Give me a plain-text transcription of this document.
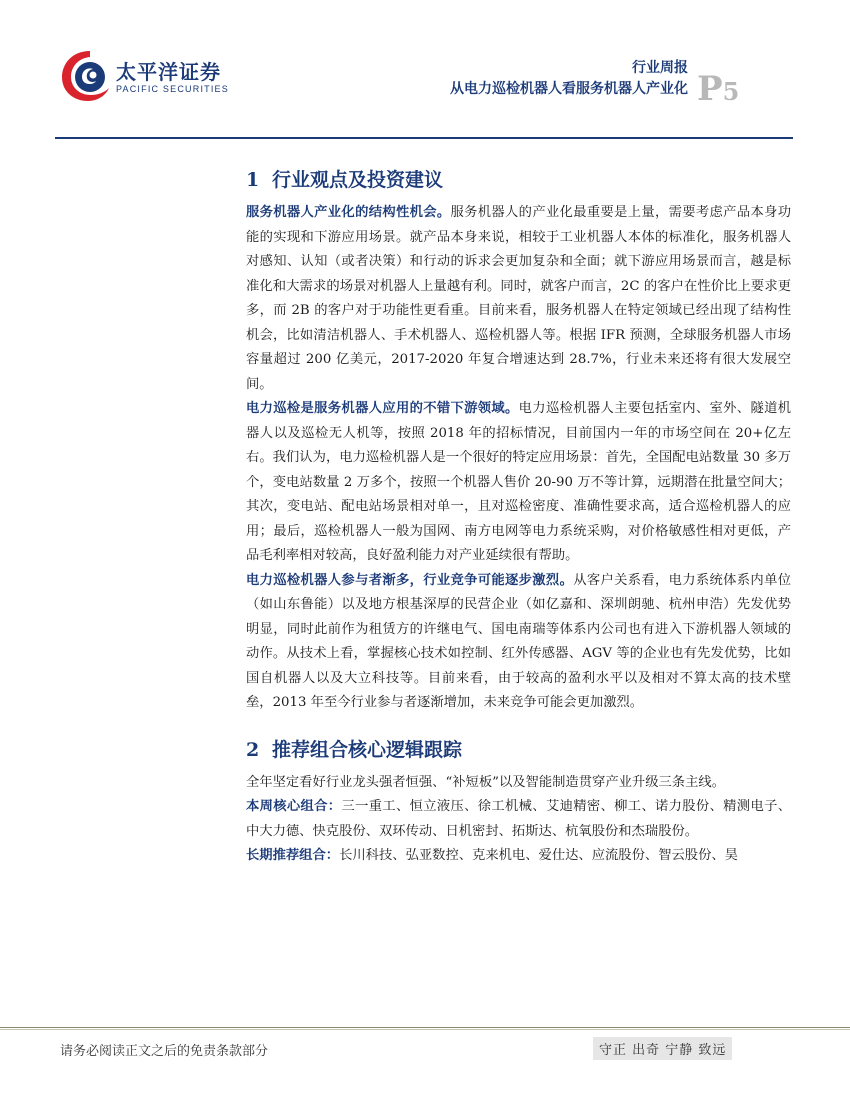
太平洋证券
PACIFIC SECURITIES
行业周报
从电力巡检机器人看服务机器人产业化 P5
1 行业观点及投资建议

服务机器人产业化的结构性机会。服务机器人的产业化最重要是上量，需要考虑产品本身功能的实现和下游应用场景。就产品本身来说，相较于工业机器人本体的标准化，服务机器人对感知、认知（或者决策）和行动的诉求会更加复杂和全面；就下游应用场景而言，越是标准化和大需求的场景对机器人上量越有利。同时，就客户而言，2C 的客户在性价比上要求更多，而 2B 的客户对于功能性更看重。目前来看，服务机器人在特定领域已经出现了结构性机会，比如清洁机器人、手术机器人、巡检机器人等。根据 IFR 预测，全球服务机器人市场容量超过 200 亿美元，2017-2020 年复合增速达到 28.7%，行业未来还将有很大发展空间。

电力巡检是服务机器人应用的不错下游领域。电力巡检机器人主要包括室内、室外、隧道机器人以及巡检无人机等，按照 2018 年的招标情况，目前国内一年的市场空间在 20+亿左右。我们认为，电力巡检机器人是一个很好的特定应用场景：首先，全国配电站数量 30 多万个，变电站数量 2 万多个，按照一个机器人售价 20-90 万不等计算，远期潜在批量空间大；其次，变电站、配电站场景相对单一，且对巡检密度、准确性要求高，适合巡检机器人的应用；最后，巡检机器人一般为国网、南方电网等电力系统采购，对价格敏感性相对更低，产品毛利率相对较高，良好盈利能力对产业延续很有帮助。

电力巡检机器人参与者渐多，行业竞争可能逐步激烈。从客户关系看，电力系统体系内单位（如山东鲁能）以及地方根基深厚的民营企业（如亿嘉和、深圳朗驰、杭州申浩）先发优势明显，同时此前作为租赁方的许继电气、国电南瑞等体系内公司也有进入下游机器人领域的动作。从技术上看，掌握核心技术如控制、红外传感器、AGV 等的企业也有先发优势，比如国自机器人以及大立科技等。目前来看，由于较高的盈利水平以及相对不算太高的技术壁垒，2013 年至今行业参与者逐渐增加，未来竞争可能会更加激烈。

2 推荐组合核心逻辑跟踪

全年坚定看好行业龙头强者恒强、“补短板”以及智能制造贯穿产业升级三条主线。

本周核心组合：三一重工、恒立液压、徐工机械、艾迪精密、柳工、诺力股份、精测电子、中大力德、快克股份、双环传动、日机密封、拓斯达、杭氧股份和杰瑞股份。

长期推荐组合：长川科技、弘亚数控、克来机电、爱仕达、应流股份、智云股份、昊

请务必阅读正文之后的免责条款部分	守正 出奇 宁静 致远
